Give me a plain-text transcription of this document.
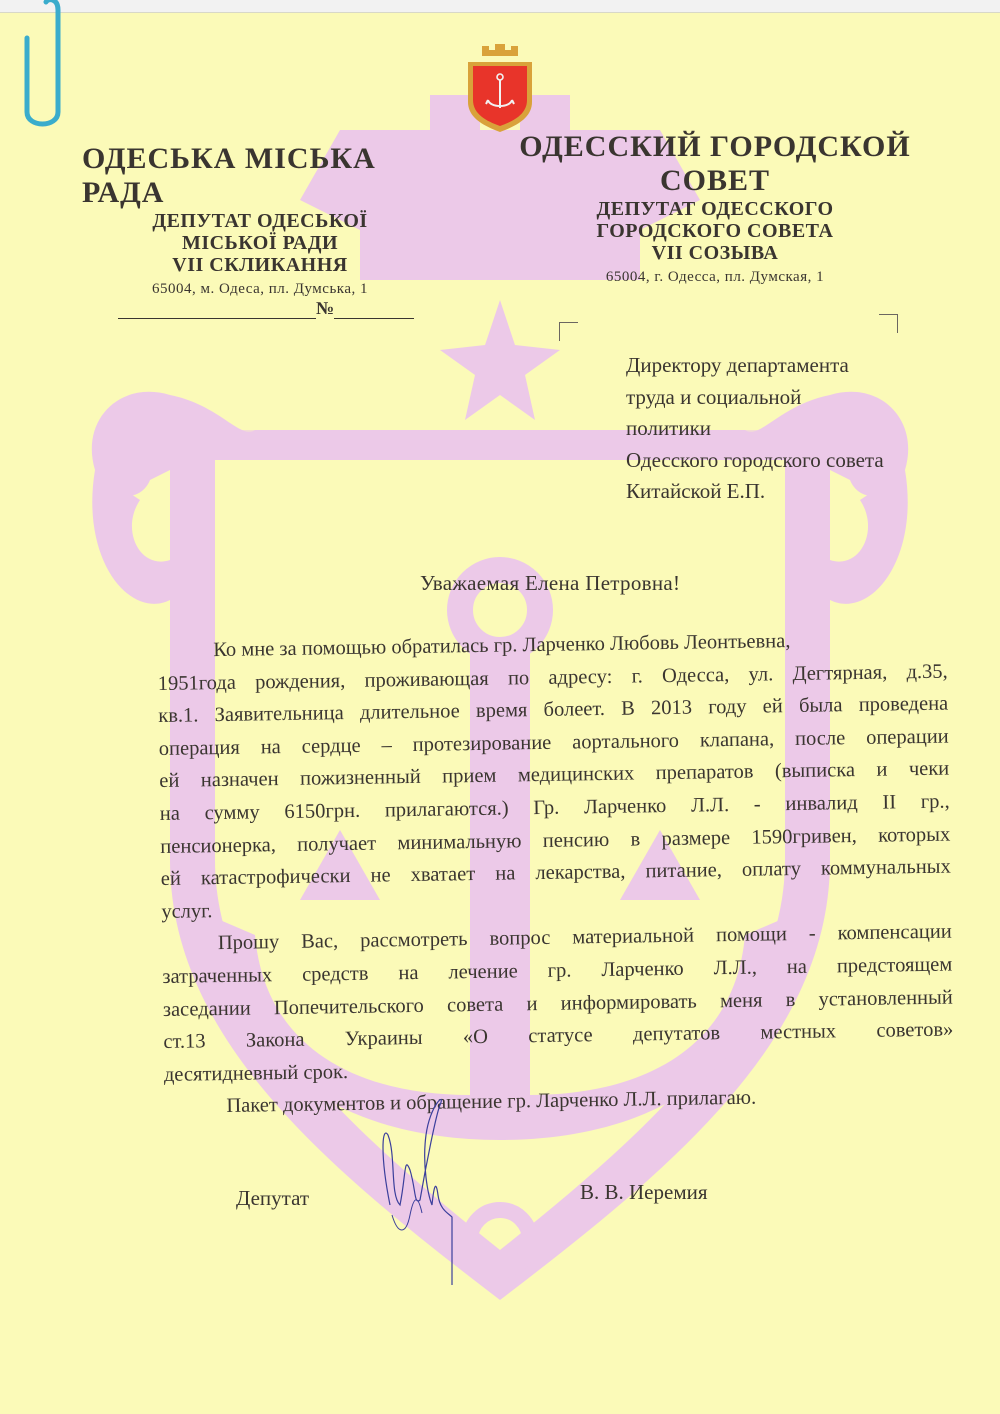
ОДЕСЬКА МІСЬКА РАДА
ДЕПУТАТ ОДЕСЬКОЇ
МІСЬКОЇ РАДИ
VII СКЛИКАННЯ
65004, м. Одеса, пл. Думська, 1
ОДЕССКИЙ ГОРОДСКОЙ СОВЕТ
ДЕПУТАТ ОДЕССКОГО
ГОРОДСКОГО СОВЕТА
VII СОЗЫВА
65004, г. Одесса, пл. Думская, 1
№
Директору департамента
труда и социальной
политики
Одесского городского совета
Китайской Е.П.
Уважаемая Елена Петровна!
Ко мне за помощью обратилась гр. Ларченко Любовь Леонтьевна,
1951года рождения, проживающая по адресу: г. Одесса, ул. Дегтярная, д.35,
кв.1. Заявительница длительное время болеет. В 2013 году ей была проведена
операция на сердце – протезирование аортального клапана, после операции
ей назначен пожизненный прием медицинских препаратов (выписка и чеки
на сумму 6150грн. прилагаются.) Гр. Ларченко Л.Л. - инвалид II гр.,
пенсионерка, получает минимальную пенсию в размере 1590гривен, которых
ей катастрофически не хватает на лекарства, питание, оплату коммунальных
услуг.
Прошу Вас, рассмотреть вопрос материальной помощи - компенсации
затраченных средств на лечение гр. Ларченко Л.Л., на предстоящем
заседании Попечительского совета и информировать меня в установленный
ст.13 Закона Украины «О статусе депутатов местных советов»
десятидневный срок.
Пакет документов и обращение гр. Ларченко Л.Л. прилагаю.
Депутат	В. В. Иеремия
